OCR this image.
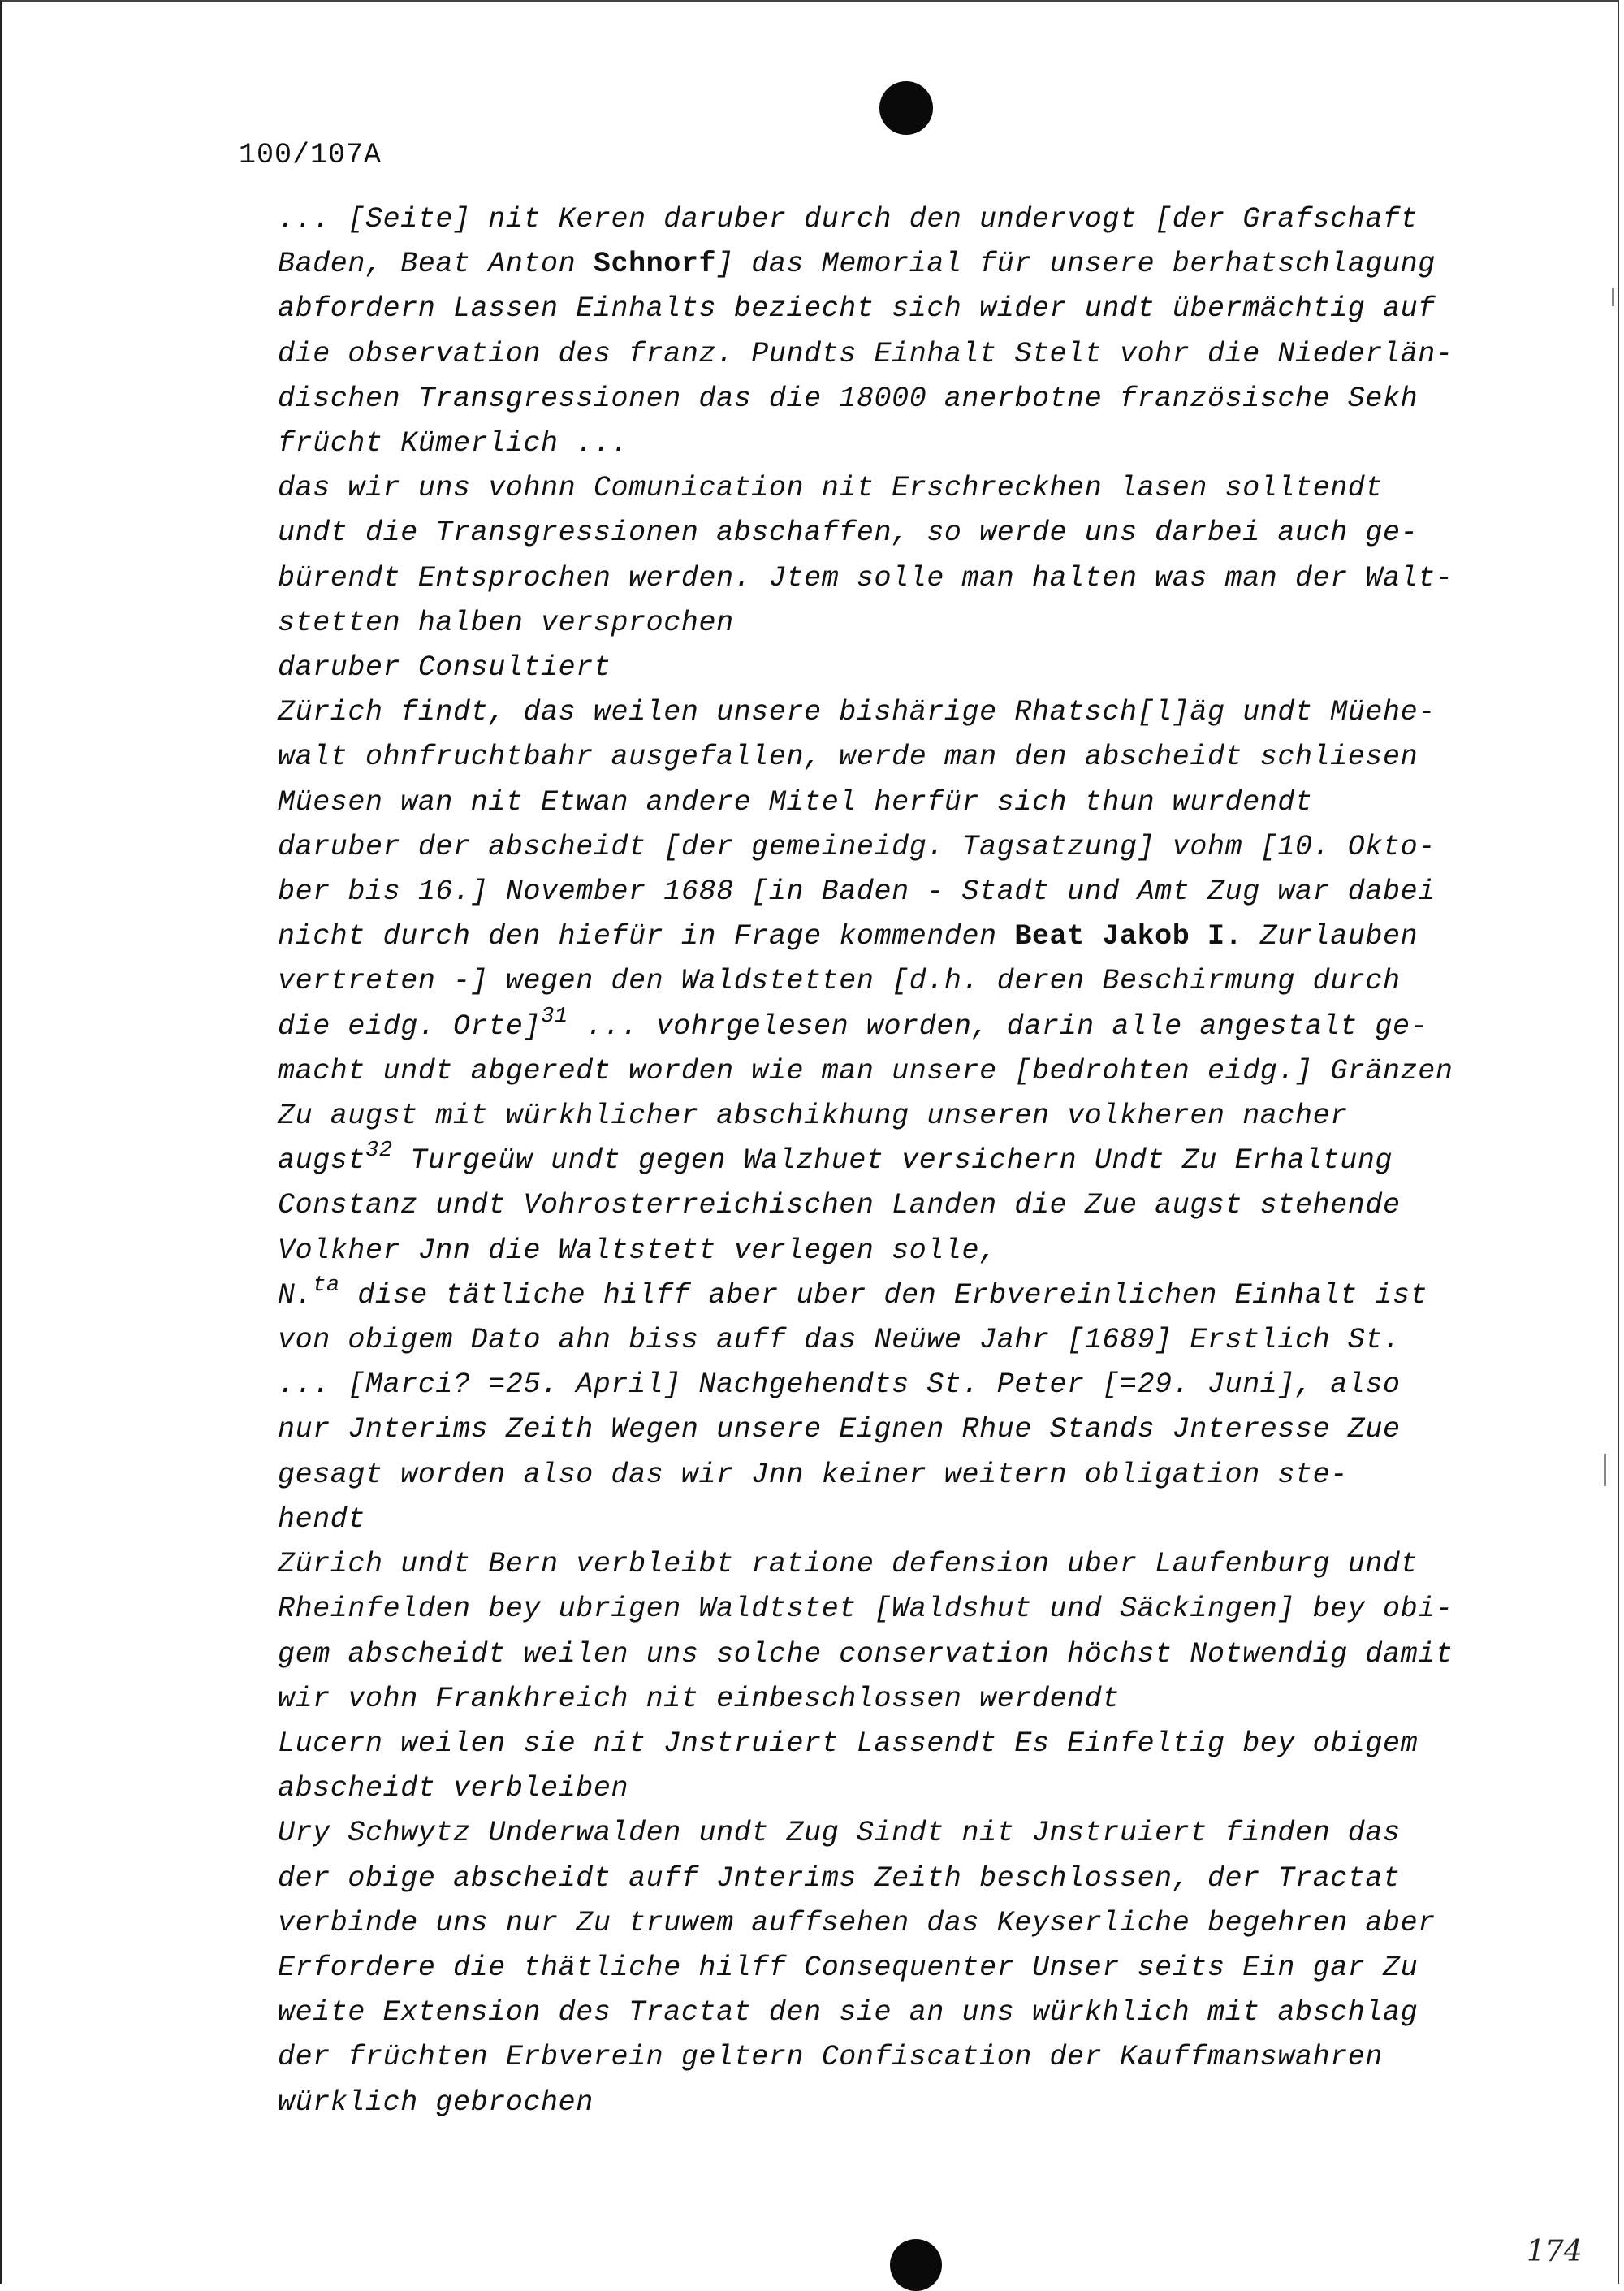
100/107A
... [Seite] nit Keren daruber durch den undervogt [der Grafschaft
Baden, Beat Anton Schnorf] das Memorial für unsere berhatschlagung
abfordern Lassen Einhalts beziecht sich wider undt übermächtig auf
die observation des franz. Pundts Einhalt Stelt vohr die Niederlän-
dischen Transgressionen das die 18000 anerbotne französische Sekh
frücht Kümerlich ...
das wir uns vohnn Comunication nit Erschreckhen lasen solltendt
undt die Transgressionen abschaffen, so werde uns darbei auch ge-
bürendt Entsprochen werden. Jtem solle man halten was man der Walt-
stetten halben versprochen
daruber Consultiert
Zürich findt, das weilen unsere bishärige Rhatsch[l]äg undt Müehe-
walt ohnfruchtbahr ausgefallen, werde man den abscheidt schliesen
Müesen wan nit Etwan andere Mitel herfür sich thun wurdendt
daruber der abscheidt [der gemeineidg. Tagsatzung] vohm [10. Okto-
ber bis 16.] November 1688 [in Baden - Stadt und Amt Zug war dabei
nicht durch den hiefür in Frage kommenden Beat Jakob I. Zurlauben
vertreten -] wegen den Waldstetten [d.h. deren Beschirmung durch
die eidg. Orte]$^{31}$ ... vohrgelesen worden, darin alle angestalt ge-
macht undt abgeredt worden wie man unsere [bedrohten eidg.] Gränzen
Zu augst mit würkhlicher abschikhung unseren volkheren nacher
augst$^{32}$ Turgeüw undt gegen Walzhuet versichern Undt Zu Erhaltung
Constanz undt Vohrosterreichischen Landen die Zue augst stehende
Volkher Jnn die Waltstett verlegen solle,
N.$^{ta}$ dise tätliche hilff aber uber den Erbvereinlichen Einhalt ist
von obigem Dato ahn biss auff das Neüwe Jahr [1689] Erstlich St.
... [Marci? =25. April] Nachgehendts St. Peter [=29. Juni], also
nur Jnterims Zeith Wegen unsere Eignen Rhue Stands Jnteresse Zue
gesagt worden also das wir Jnn keiner weitern obligation ste-
hendt
Zürich undt Bern verbleibt ratione defension uber Laufenburg undt
Rheinfelden bey ubrigen Waldtstet [Waldshut und Säckingen] bey obi-
gem abscheidt weilen uns solche conservation höchst Notwendig damit
wir vohn Frankhreich nit einbeschlossen werdendt
Lucern weilen sie nit Jnstruiert Lassendt Es Einfeltig bey obigem
abscheidt verbleiben
Ury Schwytz Underwalden undt Zug Sindt nit Jnstruiert finden das
der obige abscheidt auff Jnterims Zeith beschlossen, der Tractat
verbinde uns nur Zu truwem auffsehen das Keyserliche begehren aber
Erfordere die thätliche hilff Consequenter Unser seits Ein gar Zu
weite Extension des Tractat den sie an uns würkhlich mit abschlag
der früchten Erbverein geltern Confiscation der Kauffmanswahren
würklich gebrochen
174
